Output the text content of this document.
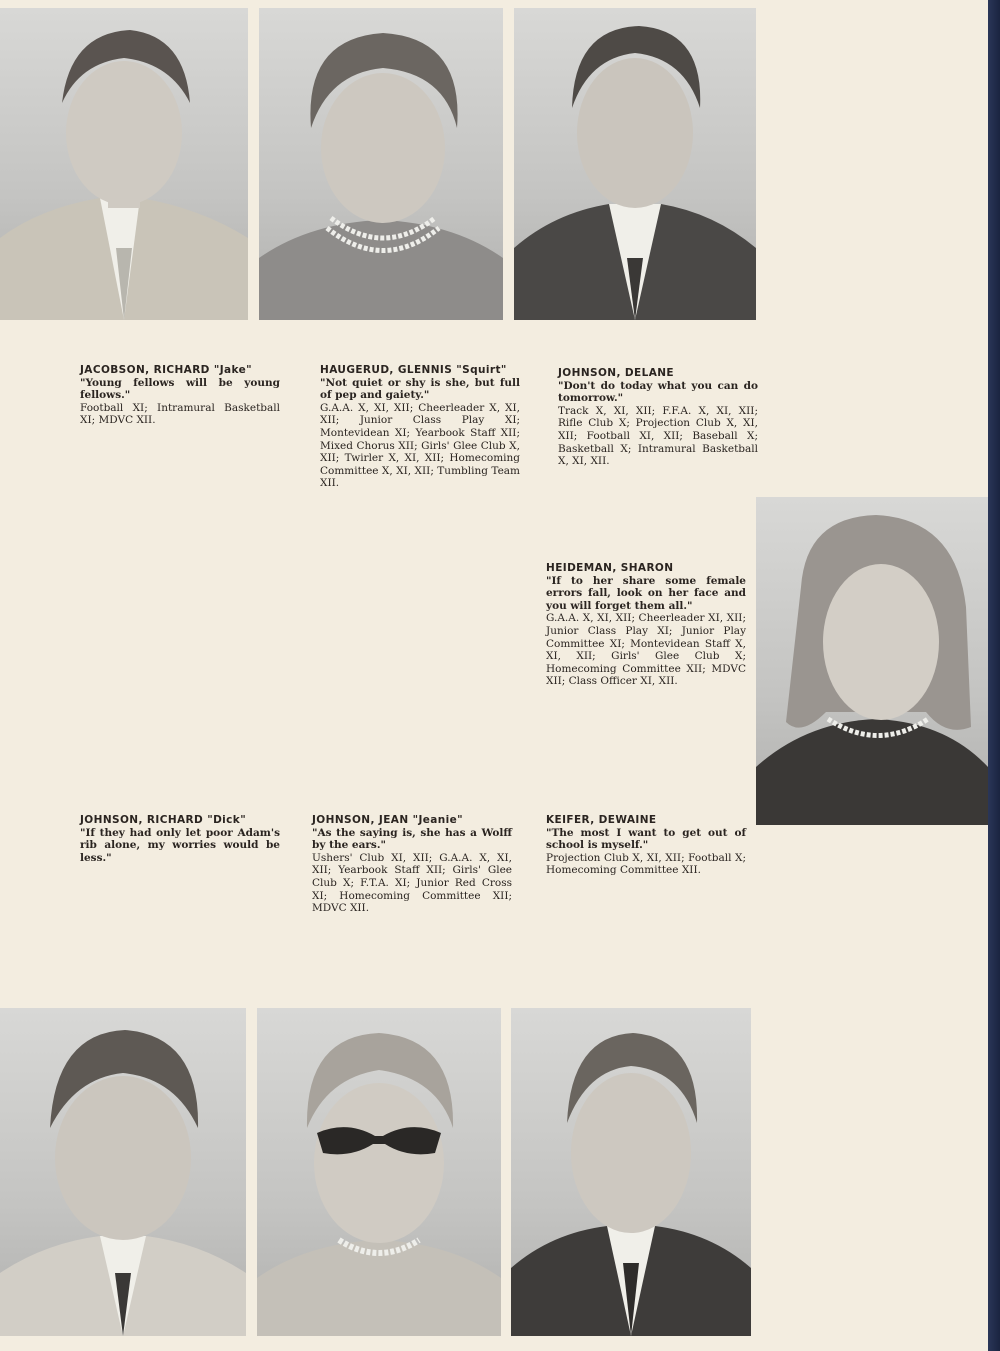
JACOBSON, RICHARD "Jake"
"Young fellows will be young fellows."
Football XI; Intramural Basketball XI; MDVC XII.
HAUGERUD, GLENNIS "Squirt"
"Not quiet or shy is she, but full of pep and gaiety."
G.A.A. X, XI, XII; Cheerleader X, XI, XII; Junior Class Play XI; Montevidean XI; Yearbook Staff XII; Mixed Chorus XII; Girls' Glee Club X, XII; Twirler X, XI, XII; Homecoming Committee X, XI, XII; Tumbling Team XII.
JOHNSON, DELANE
"Don't do today what you can do tomorrow."
Track X, XI, XII; F.F.A. X, XI, XII; Rifle Club X; Projection Club X, XI, XII; Football XI, XII; Baseball X; Basketball X; Intramural Basketball X, XI, XII.
HEIDEMAN, SHARON
"If to her share some female errors fall, look on her face and you will forget them all."
G.A.A. X, XI, XII; Cheerleader XI, XII; Junior Class Play XI; Junior Play Committee XI; Montevidean Staff X, XI, XII; Girls' Glee Club X; Homecoming Committee XII; MDVC XII; Class Officer XI, XII.
JOHNSON, RICHARD "Dick"
"If they had only let poor Adam's rib alone, my worries would be less."
JOHNSON, JEAN "Jeanie"
"As the saying is, she has a Wolff by the ears."
Ushers' Club XI, XII; G.A.A. X, XI, XII; Yearbook Staff XII; Girls' Glee Club X; F.T.A. XI; Junior Red Cross XI; Homecoming Committee XII; MDVC XII.
KEIFER, DEWAINE
"The most I want to get out of school is myself."
Projection Club X, XI, XII; Football X; Homecoming Committee XII.
